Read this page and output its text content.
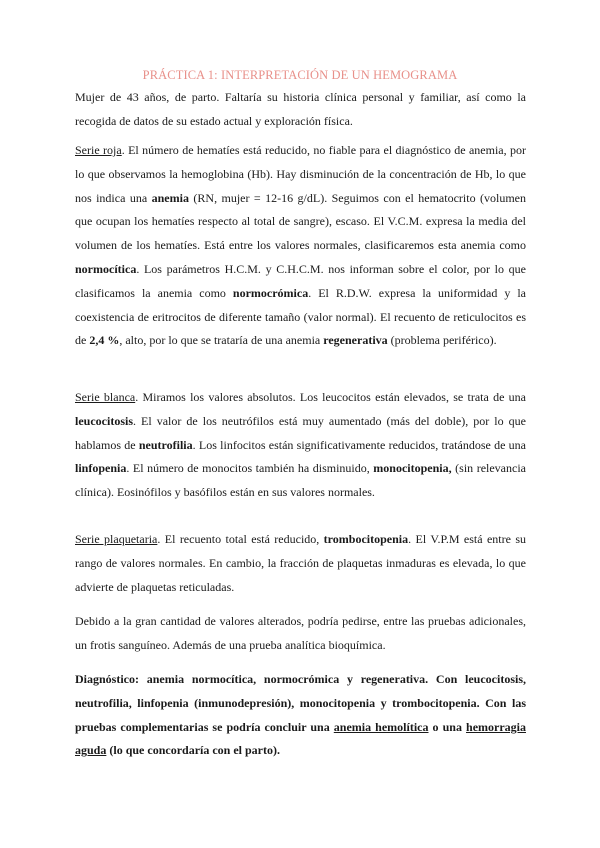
PRÁCTICA 1: INTERPRETACIÓN DE UN HEMOGRAMA

Mujer de 43 años, de parto. Faltaría su historia clínica personal y familiar, así como la recogida de datos de su estado actual y exploración física.

Serie roja. El número de hematíes está reducido, no fiable para el diagnóstico de anemia, por lo que observamos la hemoglobina (Hb). Hay disminución de la concentración de Hb, lo que nos indica una anemia (RN, mujer = 12-16 g/dL). Seguimos con el hematocrito (volumen que ocupan los hematíes respecto al total de sangre), escaso. El V.C.M. expresa la media del volumen de los hematíes. Está entre los valores normales, clasificaremos esta anemia como normocítica. Los parámetros H.C.M. y C.H.C.M. nos informan sobre el color, por lo que clasificamos la anemia como normocrómica. El R.D.W. expresa la uniformidad y la coexistencia de eritrocitos de diferente tamaño (valor normal). El recuento de reticulocitos es de 2,4 %, alto, por lo que se trataría de una anemia regenerativa (problema periférico).

Serie blanca. Miramos los valores absolutos. Los leucocitos están elevados, se trata de una leucocitosis. El valor de los neutrófilos está muy aumentado (más del doble), por lo que hablamos de neutrofilia. Los linfocitos están significativamente reducidos, tratándose de una linfopenia. El número de monocitos también ha disminuido, monocitopenia, (sin relevancia clínica). Eosinófilos y basófilos están en sus valores normales.

Serie plaquetaria. El recuento total está reducido, trombocitopenia. El V.P.M está entre su rango de valores normales. En cambio, la fracción de plaquetas inmaduras es elevada, lo que advierte de plaquetas reticuladas.

Debido a la gran cantidad de valores alterados, podría pedirse, entre las pruebas adicionales, un frotis sanguíneo. Además de una prueba analítica bioquímica.

Diagnóstico: anemia normocítica, normocrómica y regenerativa. Con leucocitosis, neutrofilia, linfopenia (inmunodepresión), monocitopenia y trombocitopenia. Con las pruebas complementarias se podría concluir una anemia hemolítica o una hemorragia aguda (lo que concordaría con el parto).
